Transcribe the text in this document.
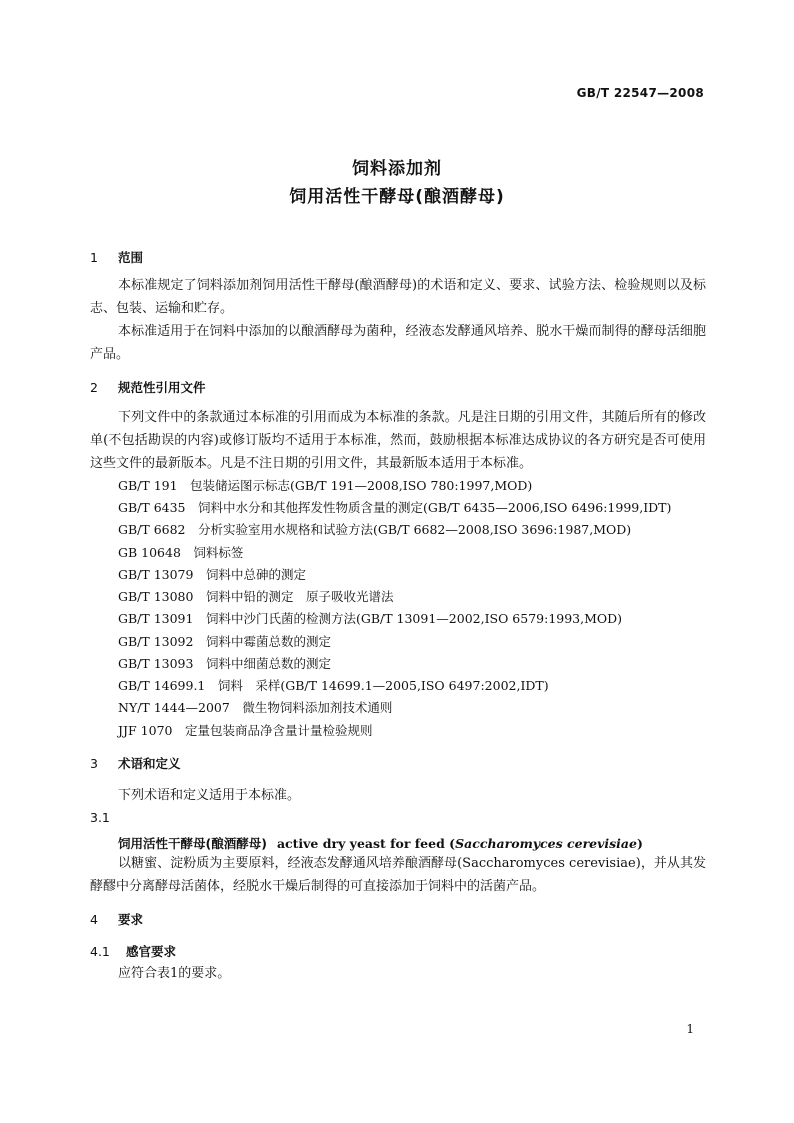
GB/T 22547—2008
饲料添加剂
饲用活性干酵母(酿酒酵母)
1 范围
本标准规定了饲料添加剂饲用活性干酵母(酿酒酵母)的术语和定义、要求、试验方法、检验规则以及标志、包装、运输和贮存。
本标准适用于在饲料中添加的以酿酒酵母为菌种，经液态发酵通风培养、脱水干燥而制得的酵母活细胞产品。
2 规范性引用文件
下列文件中的条款通过本标准的引用而成为本标准的条款。凡是注日期的引用文件，其随后所有的修改单(不包括勘误的内容)或修订版均不适用于本标准，然而，鼓励根据本标准达成协议的各方研究是否可使用这些文件的最新版本。凡是不注日期的引用文件，其最新版本适用于本标准。
GB/T 191　包装储运图示标志(GB/T 191—2008,ISO 780:1997,MOD)
GB/T 6435　饲料中水分和其他挥发性物质含量的测定(GB/T 6435—2006,ISO 6496:1999,IDT)
GB/T 6682　分析实验室用水规格和试验方法(GB/T 6682—2008,ISO 3696:1987,MOD)
GB 10648　饲料标签
GB/T 13079　饲料中总砷的测定
GB/T 13080　饲料中铅的测定　原子吸收光谱法
GB/T 13091　饲料中沙门氏菌的检测方法(GB/T 13091—2002,ISO 6579:1993,MOD)
GB/T 13092　饲料中霉菌总数的测定
GB/T 13093　饲料中细菌总数的测定
GB/T 14699.1　饲料　采样(GB/T 14699.1—2005,ISO 6497:2002,IDT)
NY/T 1444—2007　微生物饲料添加剂技术通则
JJF 1070　定量包装商品净含量计量检验规则
3 术语和定义
下列术语和定义适用于本标准。
3.1
饲用活性干酵母(酿酒酵母) active dry yeast for feed (Saccharomyces cerevisiae)
以糖蜜、淀粉质为主要原料，经液态发酵通风培养酿酒酵母(Saccharomyces cerevisiae)，并从其发酵醪中分离酵母活菌体，经脱水干燥后制得的可直接添加于饲料中的活菌产品。
4 要求
4.1 感官要求
应符合表1的要求。
1
